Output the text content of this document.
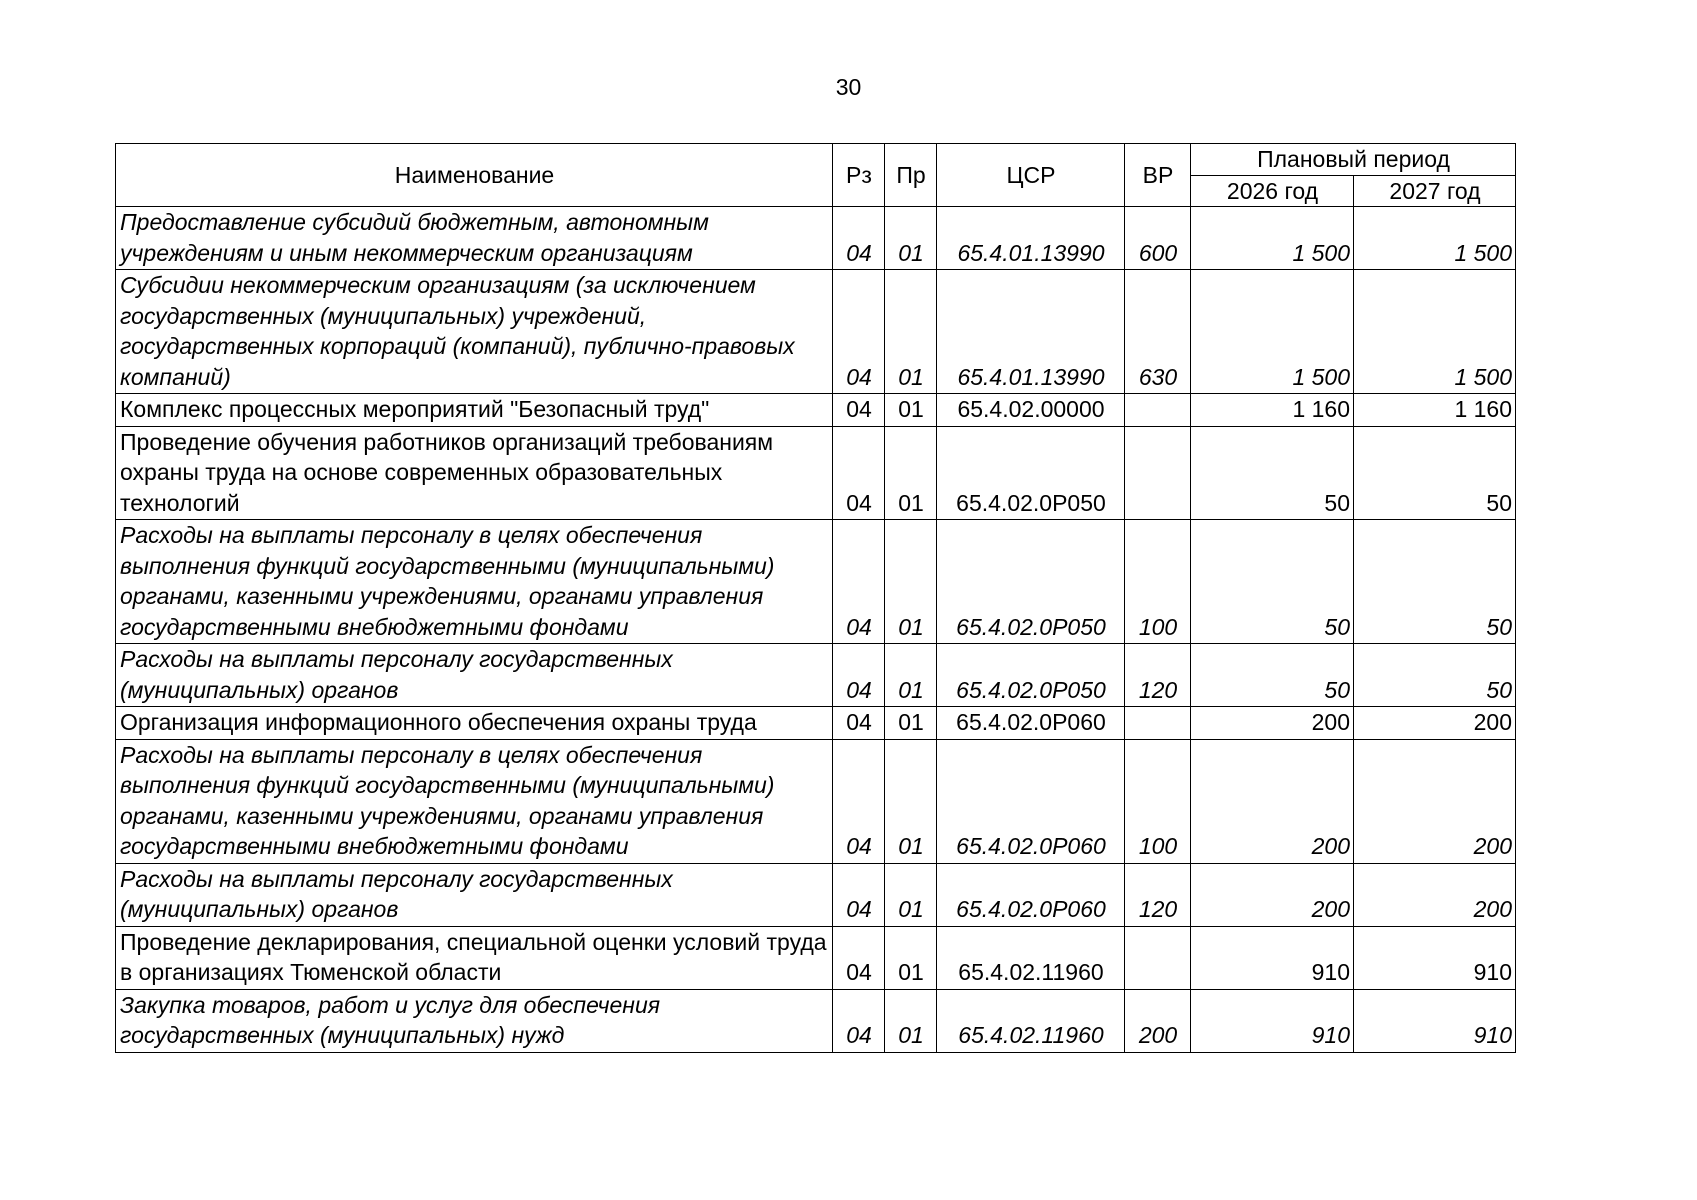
30
Наименование	Рз	Пр	ЦСР	ВР	Плановый период	
					2026 год	2027 год
Предоставление субсидий бюджетным, автономным учреждениям и иным некоммерческим организациям	04	01	65.4.01.13990	600	1 500	1 500
Субсидии некоммерческим организациям (за исключением государственных (муниципальных) учреждений, государственных корпораций (компаний), публично-правовых компаний)	04	01	65.4.01.13990	630	1 500	1 500
Комплекс процессных мероприятий "Безопасный труд"	04	01	65.4.02.00000		1 160	1 160
Проведение обучения работников организаций требованиям охраны труда на основе современных образовательных технологий	04	01	65.4.02.0P050		50	50
Расходы на выплаты персоналу в целях обеспечения выполнения функций государственными (муниципальными) органами, казенными учреждениями, органами управления государственными внебюджетными фондами	04	01	65.4.02.0P050	100	50	50
Расходы на выплаты персоналу государственных (муниципальных) органов	04	01	65.4.02.0P050	120	50	50
Организация информационного обеспечения охраны труда	04	01	65.4.02.0P060		200	200
Расходы на выплаты персоналу в целях обеспечения выполнения функций государственными (муниципальными) органами, казенными учреждениями, органами управления государственными внебюджетными фондами	04	01	65.4.02.0P060	100	200	200
Расходы на выплаты персоналу государственных (муниципальных) органов	04	01	65.4.02.0P060	120	200	200
Проведение декларирования, специальной оценки условий труда в организациях Тюменской области	04	01	65.4.02.11960		910	910
Закупка товаров, работ и услуг для обеспечения государственных (муниципальных) нужд	04	01	65.4.02.11960	200	910	910
